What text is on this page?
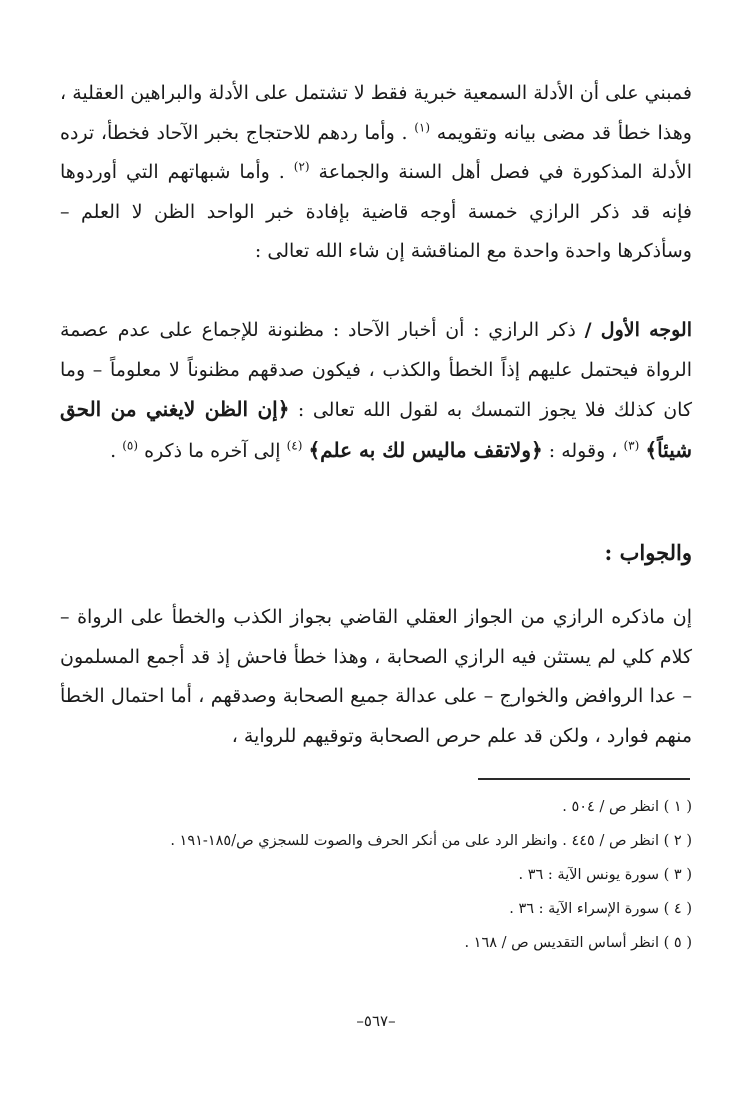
فمبني على أن الأدلة السمعية خبرية فقط لا تشتمل على الأدلة والبراهين العقلية ، وهذا خطأ قد مضى بيانه وتقويمه $^{(١)}$ . وأما ردهم للاحتجاج بخبر الآحاد فخطأ، ترده الأدلة المذكورة في فصل أهل السنة والجماعة $^{(٢)}$ . وأما شبهاتهم التي أوردوها فإنه قد ذكر الرازي خمسة أوجه قاضية بإفادة خبر الواحد الظن لا العلم – وسأذكرها واحدة واحدة مع المناقشة إن شاء الله تعالى :

الوجه الأول / ذكر الرازي : أن أخبار الآحاد : مظنونة للإجماع على عدم عصمة الرواة فيحتمل عليهم إذاً الخطأ والكذب ، فيكون صدقهم مظنوناً لا معلوماً – وما كان كذلك فلا يجوز التمسك به لقول الله تعالى : ﴿إن الظن لايغني من الحق شيئاً﴾ $^{(٣)}$ ، وقوله : ﴿ولاتقف ماليس لك به علم﴾ $^{(٤)}$ إلى آخره ما ذكره $^{(٥)}$ .

والجواب :

إن ماذكره الرازي من الجواز العقلي القاضي بجواز الكذب والخطأ على الرواة – كلام كلي لم يستثن فيه الرازي الصحابة ، وهذا خطأ فاحش إذ قد أجمع المسلمون – عدا الروافض والخوارج – على عدالة جميع الصحابة وصدقهم ، أما احتمال الخطأ منهم فوارد ، ولكن قد علم حرص الصحابة وتوقيهم للرواية ،

( ١ ) انظر ص / ٥٠٤ .
( ٢ ) انظر ص / ٤٤٥ . وانظر الرد على من أنكر الحرف والصوت للسجزي ص/١٨٥-١٩١ .
( ٣ ) سورة يونس الآية : ٣٦ .
( ٤ ) سورة الإسراء الآية : ٣٦ .
( ٥ ) انظر أساس التقديس ص / ١٦٨ .
–٥٦٧–
